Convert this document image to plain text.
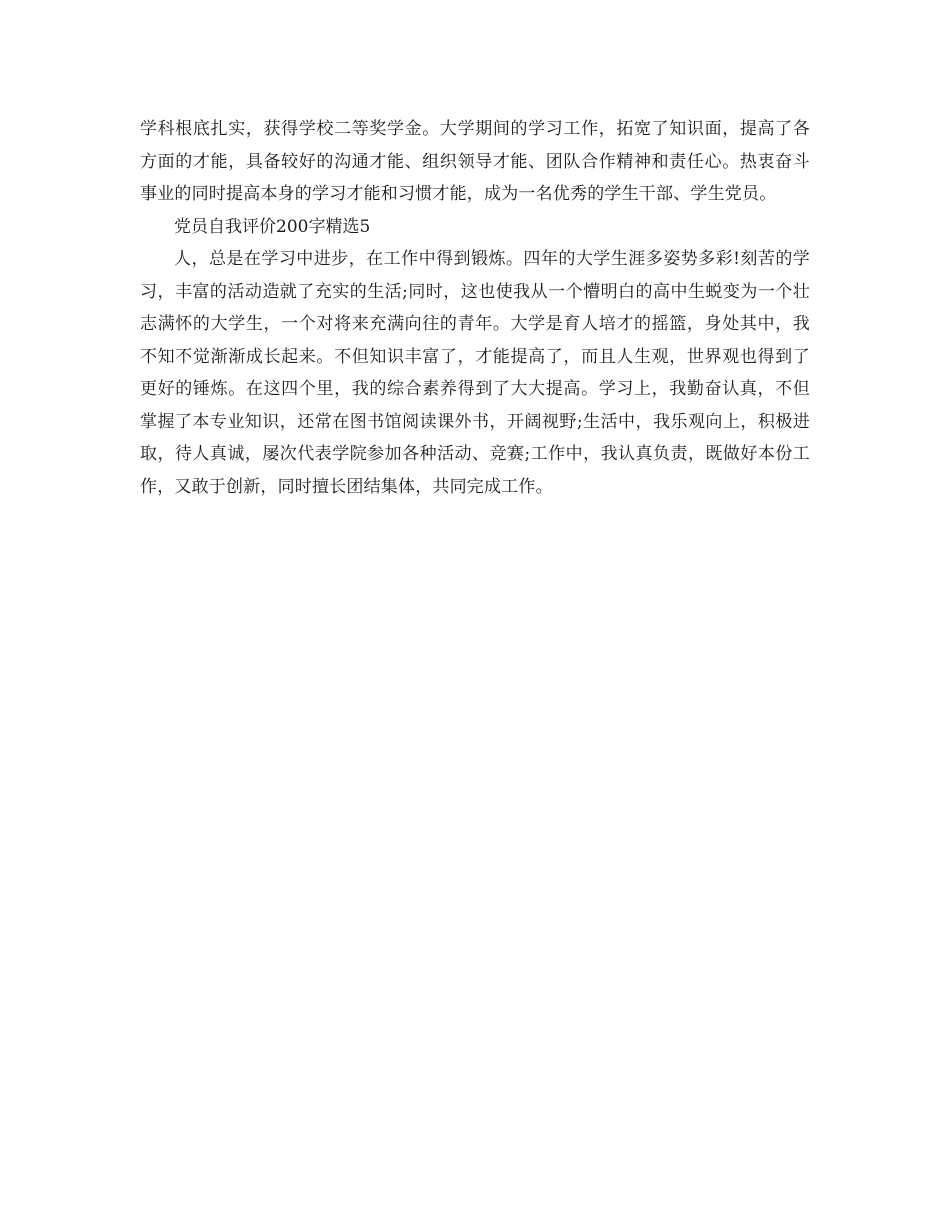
学科根底扎实，获得学校二等奖学金。大学期间的学习工作，拓宽了知识面，提高了各方面的才能，具备较好的沟通才能、组织领导才能、团队合作精神和责任心。热衷奋斗事业的同时提高本身的学习才能和习惯才能，成为一名优秀的学生干部、学生党员。

党员自我评价200字精选5

人，总是在学习中进步，在工作中得到锻炼。四年的大学生涯多姿势多彩!刻苦的学习，丰富的活动造就了充实的生活;同时，这也使我从一个懵明白的高中生蜕变为一个壮志满怀的大学生，一个对将来充满向往的青年。大学是育人培才的摇篮，身处其中，我不知不觉渐渐成长起来。不但知识丰富了，才能提高了，而且人生观，世界观也得到了更好的锤炼。在这四个里，我的综合素养得到了大大提高。学习上，我勤奋认真，不但掌握了本专业知识，还常在图书馆阅读课外书，开阔视野;生活中，我乐观向上，积极进取，待人真诚，屡次代表学院参加各种活动、竞赛;工作中，我认真负责，既做好本份工作，又敢于创新，同时擅长团结集体，共同完成工作。
